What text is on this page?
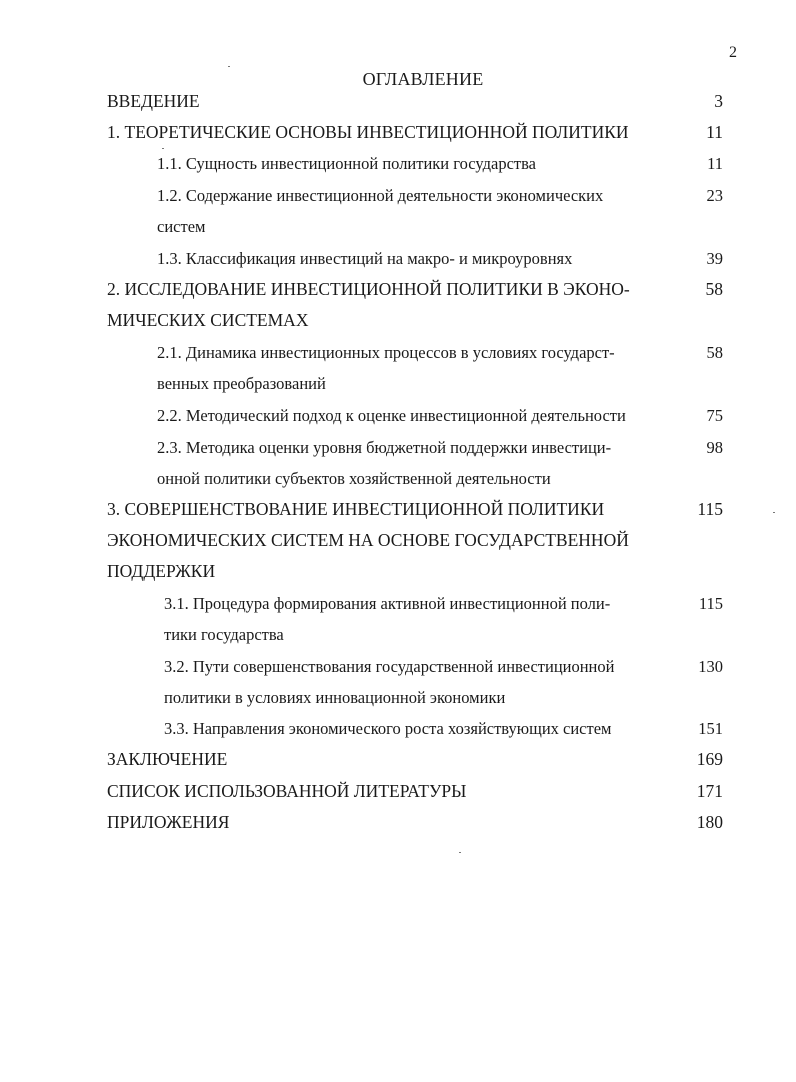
2
ОГЛАВЛЕНИЕ
ВВЕДЕНИЕ	3
1. ТЕОРЕТИЧЕСКИЕ ОСНОВЫ ИНВЕСТИЦИОННОЙ ПОЛИТИКИ	11
1.1. Сущность инвестиционной политики государства	11
1.2. Содержание инвестиционной деятельности экономических	23
систем
1.3. Классификация инвестиций на макро- и микроуровнях	39
2. ИССЛЕДОВАНИЕ ИНВЕСТИЦИОННОЙ ПОЛИТИКИ В ЭКОНО-	58
МИЧЕСКИХ СИСТЕМАХ
2.1. Динамика инвестиционных процессов в условиях государст-	58
венных преобразований
2.2. Методический подход к оценке инвестиционной деятельности	75
2.3. Методика оценки уровня бюджетной поддержки инвестици-	98
онной политики субъектов хозяйственной деятельности
3. СОВЕРШЕНСТВОВАНИЕ ИНВЕСТИЦИОННОЙ ПОЛИТИКИ	115
ЭКОНОМИЧЕСКИХ СИСТЕМ НА ОСНОВЕ ГОСУДАРСТВЕННОЙ
ПОДДЕРЖКИ
3.1. Процедура формирования активной инвестиционной поли-	115
тики государства
3.2. Пути совершенствования государственной инвестиционной	130
политики в условиях инновационной экономики
3.3. Направления экономического роста хозяйствующих систем	151
ЗАКЛЮЧЕНИЕ	169
СПИСОК ИСПОЛЬЗОВАННОЙ ЛИТЕРАТУРЫ	171
ПРИЛОЖЕНИЯ	180
